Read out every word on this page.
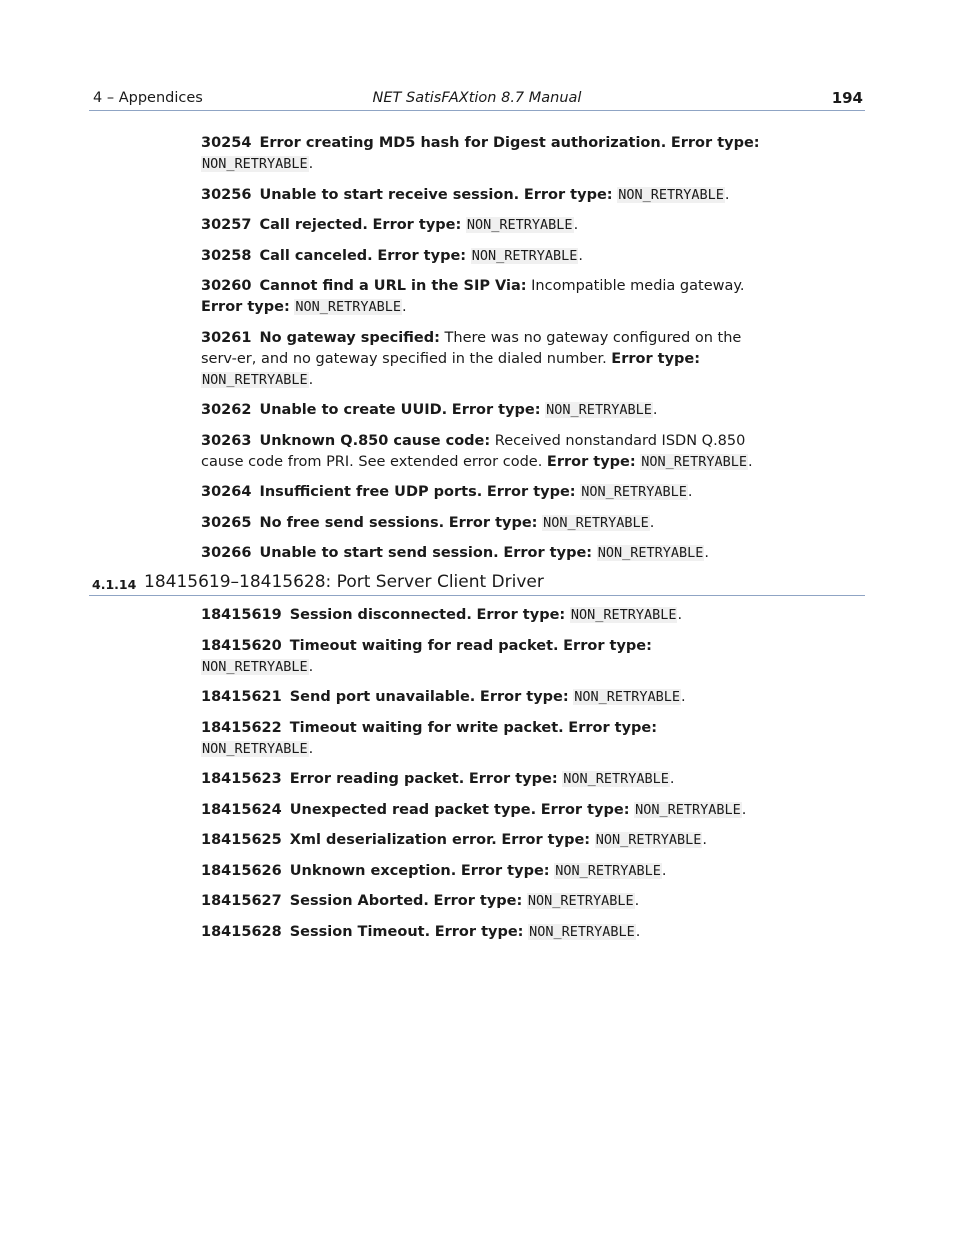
4 – Appendices	NET SatisFAXtion 8.7 Manual	194
30254 Error creating MD5 hash for Digest authorization. Error type: NON_RETRYABLE.
30256 Unable to start receive session. Error type: NON_RETRYABLE.
30257 Call rejected. Error type: NON_RETRYABLE.
30258 Call canceled. Error type: NON_RETRYABLE.
30260 Cannot find a URL in the SIP Via: Incompatible media gateway. Error type: NON_RETRYABLE.
30261 No gateway specified: There was no gateway configured on the serv-er, and no gateway specified in the dialed number. Error type: NON_RETRYABLE.
30262 Unable to create UUID. Error type: NON_RETRYABLE.
30263 Unknown Q.850 cause code: Received nonstandard ISDN Q.850 cause code from PRI. See extended error code. Error type: NON_RETRYABLE.
30264 Insufficient free UDP ports. Error type: NON_RETRYABLE.
30265 No free send sessions. Error type: NON_RETRYABLE.
30266 Unable to start send session. Error type: NON_RETRYABLE.
4.1.14 18415619–18415628: Port Server Client Driver
18415619 Session disconnected. Error type: NON_RETRYABLE.
18415620 Timeout waiting for read packet. Error type: NON_RETRYABLE.
18415621 Send port unavailable. Error type: NON_RETRYABLE.
18415622 Timeout waiting for write packet. Error type: NON_RETRYABLE.
18415623 Error reading packet. Error type: NON_RETRYABLE.
18415624 Unexpected read packet type. Error type: NON_RETRYABLE.
18415625 Xml deserialization error. Error type: NON_RETRYABLE.
18415626 Unknown exception. Error type: NON_RETRYABLE.
18415627 Session Aborted. Error type: NON_RETRYABLE.
18415628 Session Timeout. Error type: NON_RETRYABLE.
